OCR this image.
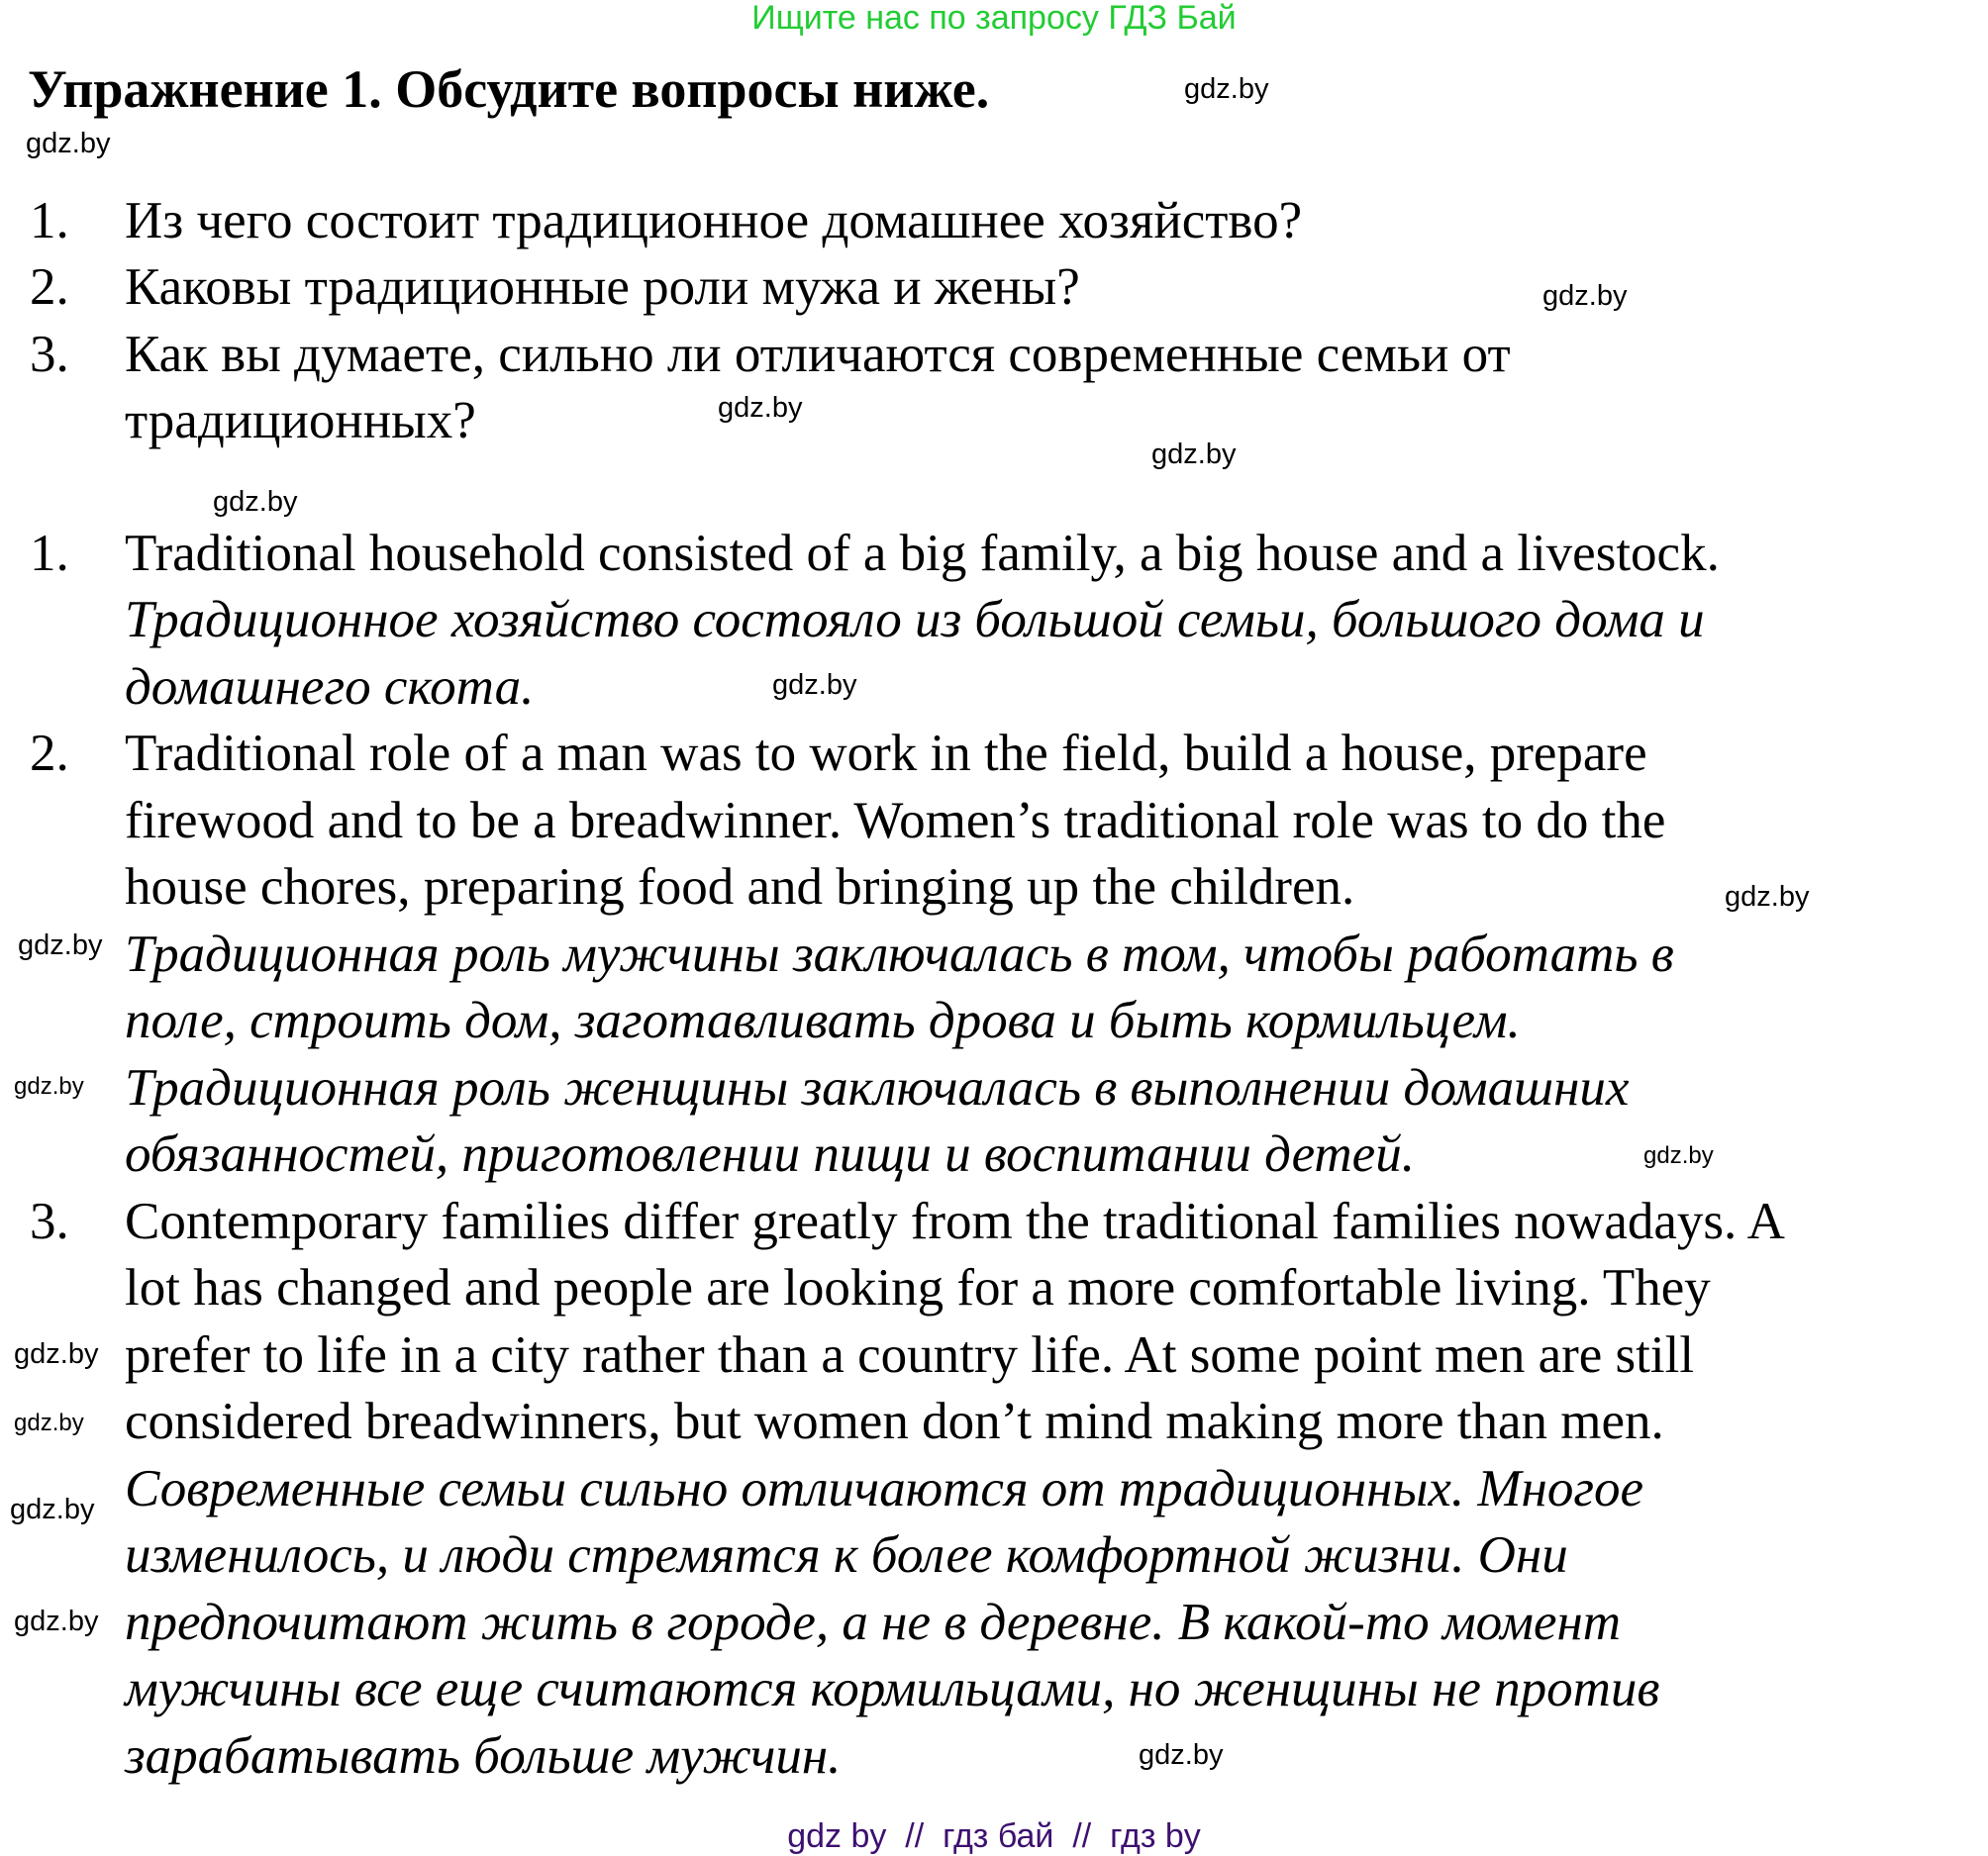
Ищите нас по запросу ГДЗ Бай
Упражнение 1. Обсудите вопросы ниже.
1. Из чего состоит традиционное домашнее хозяйство?
2. Каковы традиционные роли мужа и жены?
3. Как вы думаете, сильно ли отличаются современные семьи от
традиционных?
1. Traditional household consisted of a big family, a big house and a livestock.
Традиционное хозяйство состояло из большой семьи, большого дома и
домашнего скота.
2. Traditional role of a man was to work in the field, build a house, prepare
firewood and to be a breadwinner. Women’s traditional role was to do the
house chores, preparing food and bringing up the children.
Традиционная роль мужчины заключалась в том, чтобы работать в
поле, строить дом, заготавливать дрова и быть кормильцем.
Традиционная роль женщины заключалась в выполнении домашних
обязанностей, приготовлении пищи и воспитании детей.
3. Contemporary families differ greatly from the traditional families nowadays. A
lot has changed and people are looking for a more comfortable living. They
prefer to life in a city rather than a country life. At some point men are still
considered breadwinners, but women don’t mind making more than men.
Современные семьи сильно отличаются от традиционных. Многое
изменилось, и люди стремятся к более комфортной жизни. Они
предпочитают жить в городе, а не в деревне. В какой-то момент
мужчины все еще считаются кормильцами, но женщины не против
зарабатывать больше мужчин.
gdz.by
gdz.by
gdz.by
gdz.by
gdz.by
gdz.by
gdz.by
gdz.by
gdz.by
gdz.by
gdz.by
gdz.by
gdz.by
gdz.by
gdz.by
gdz.by
gdz by  //  гдз бай  //  гдз by
